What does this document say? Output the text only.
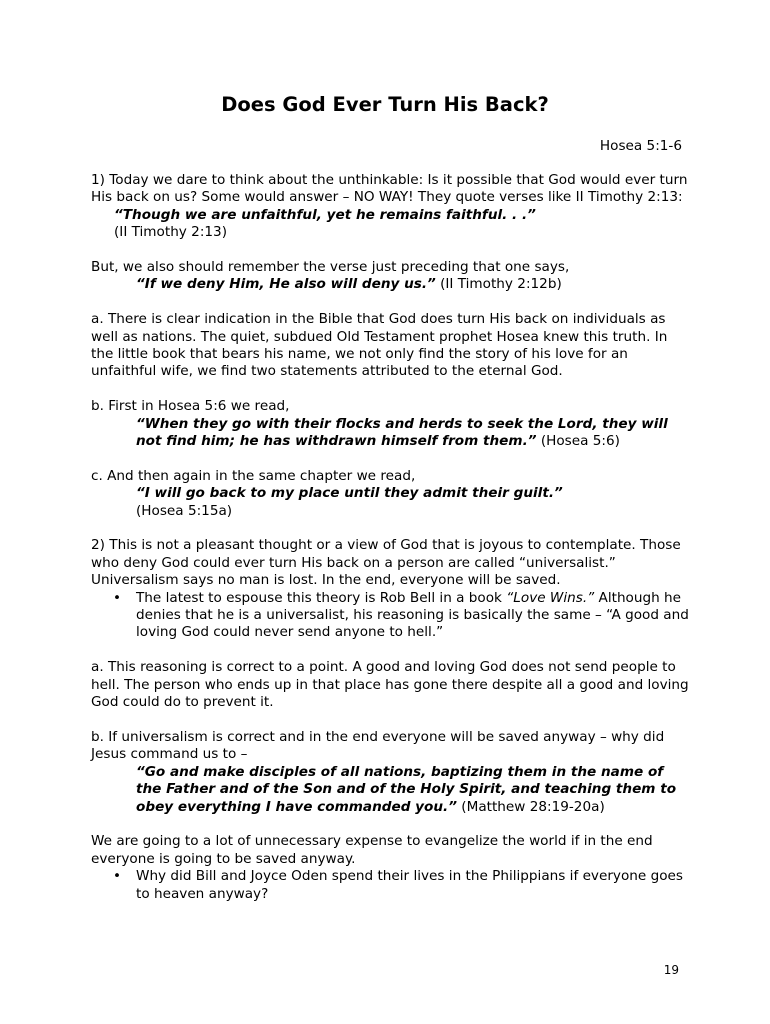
Does God Ever Turn His Back?
Hosea 5:1-6

1) Today we dare to think about the unthinkable: Is it possible that God would ever turn His back on us? Some would answer – NO WAY! They quote verses like II Timothy 2:13:
“Though we are unfaithful, yet he remains faithful. . .”
(II Timothy 2:13)

But, we also should remember the verse just preceding that one says,
“If we deny Him, He also will deny us.” (II Timothy 2:12b)

a. There is clear indication in the Bible that God does turn His back on individuals as well as nations. The quiet, subdued Old Testament prophet Hosea knew this truth. In the little book that bears his name, we not only find the story of his love for an unfaithful wife, we find two statements attributed to the eternal God.

b. First in Hosea 5:6 we read,
“When they go with their flocks and herds to seek the Lord, they will not find him; he has withdrawn himself from them.” (Hosea 5:6)

c. And then again in the same chapter we read,
“I will go back to my place until they admit their guilt.”
(Hosea 5:15a)

2) This is not a pleasant thought or a view of God that is joyous to contemplate. Those who deny God could ever turn His back on a person are called “universalist.” Universalism says no man is lost. In the end, everyone will be saved.
• The latest to espouse this theory is Rob Bell in a book “Love Wins.” Although he denies that he is a universalist, his reasoning is basically the same – “A good and loving God could never send anyone to hell.”

a. This reasoning is correct to a point. A good and loving God does not send people to hell. The person who ends up in that place has gone there despite all a good and loving God could do to prevent it.

b. If universalism is correct and in the end everyone will be saved anyway – why did Jesus command us to –
“Go and make disciples of all nations, baptizing them in the name of the Father and of the Son and of the Holy Spirit, and teaching them to obey everything I have commanded you.” (Matthew 28:19-20a)

We are going to a lot of unnecessary expense to evangelize the world if in the end everyone is going to be saved anyway.
• Why did Bill and Joyce Oden spend their lives in the Philippians if everyone goes to heaven anyway?
19
